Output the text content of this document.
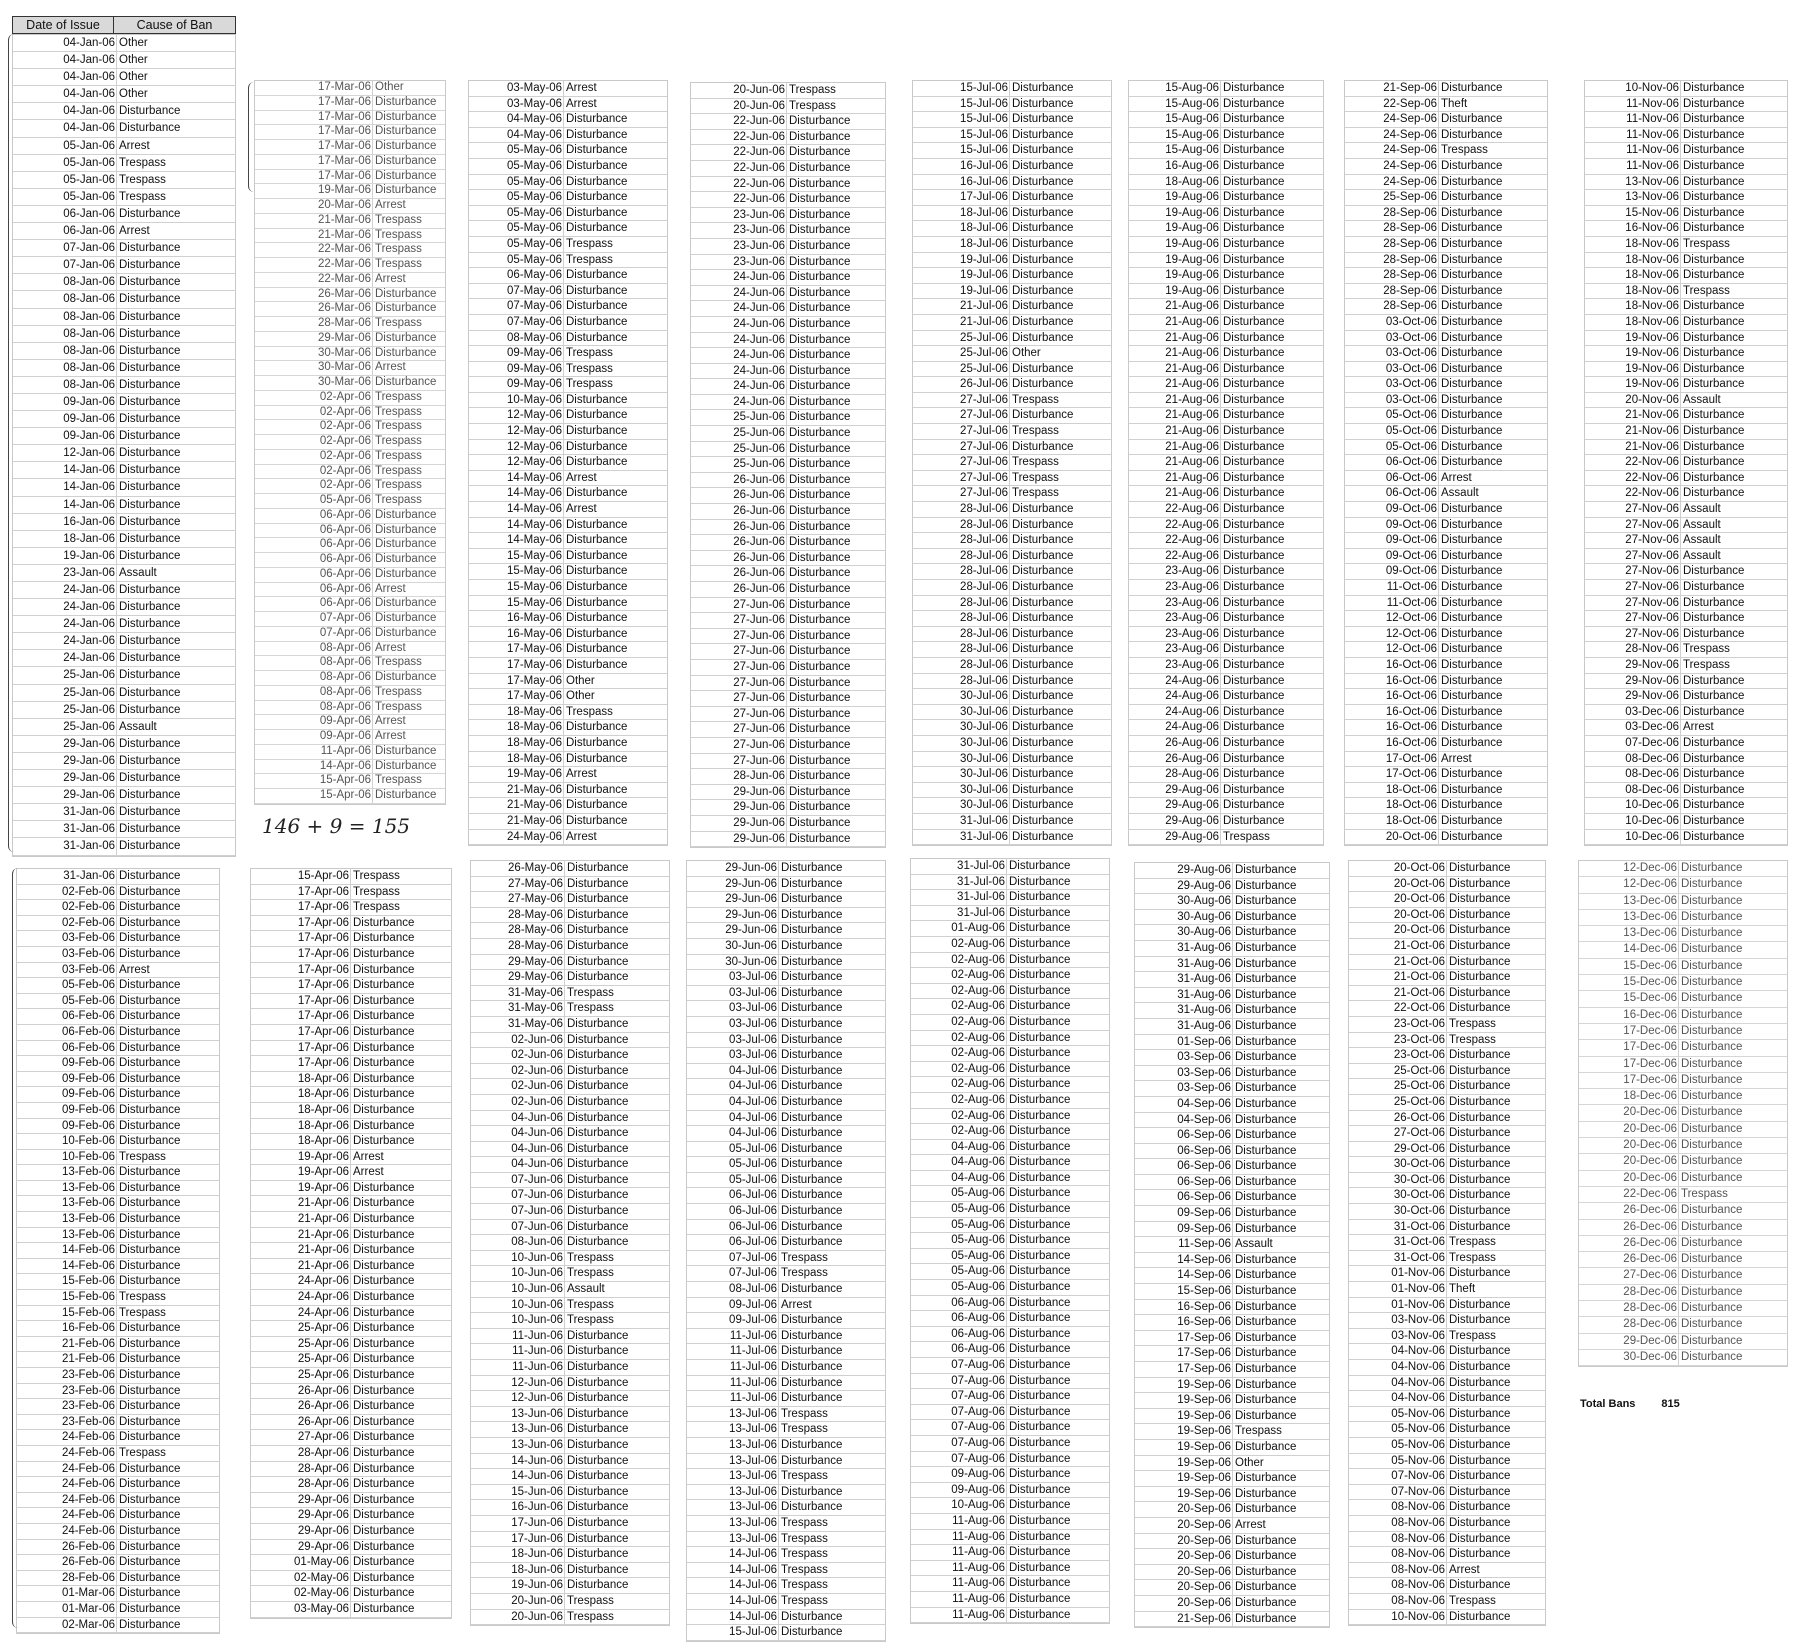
Date of Issue	Cause of Ban
04-Jan-06 Other
04-Jan-06 Other
04-Jan-06 Other
04-Jan-06 Other
04-Jan-06 Disturbance
04-Jan-06 Disturbance
05-Jan-06 Arrest
05-Jan-06 Trespass
05-Jan-06 Trespass
05-Jan-06 Trespass
06-Jan-06 Disturbance
06-Jan-06 Arrest
07-Jan-06 Disturbance
07-Jan-06 Disturbance
08-Jan-06 Disturbance
08-Jan-06 Disturbance
08-Jan-06 Disturbance
08-Jan-06 Disturbance
08-Jan-06 Disturbance
08-Jan-06 Disturbance
08-Jan-06 Disturbance
09-Jan-06 Disturbance
09-Jan-06 Disturbance
09-Jan-06 Disturbance
12-Jan-06 Disturbance
14-Jan-06 Disturbance
14-Jan-06 Disturbance
14-Jan-06 Disturbance
16-Jan-06 Disturbance
18-Jan-06 Disturbance
19-Jan-06 Disturbance
23-Jan-06 Assault
24-Jan-06 Disturbance
24-Jan-06 Disturbance
24-Jan-06 Disturbance
24-Jan-06 Disturbance
24-Jan-06 Disturbance
25-Jan-06 Disturbance
25-Jan-06 Disturbance
25-Jan-06 Disturbance
25-Jan-06 Assault
29-Jan-06 Disturbance
29-Jan-06 Disturbance
29-Jan-06 Disturbance
29-Jan-06 Disturbance
31-Jan-06 Disturbance
31-Jan-06 Disturbance
31-Jan-06 Disturbance
17-Mar-06 Other
17-Mar-06 Disturbance
17-Mar-06 Disturbance
17-Mar-06 Disturbance
17-Mar-06 Disturbance
17-Mar-06 Disturbance
17-Mar-06 Disturbance
19-Mar-06 Disturbance
20-Mar-06 Arrest
21-Mar-06 Trespass
21-Mar-06 Trespass
22-Mar-06 Trespass
22-Mar-06 Trespass
22-Mar-06 Arrest
26-Mar-06 Disturbance
26-Mar-06 Disturbance
28-Mar-06 Trespass
29-Mar-06 Disturbance
30-Mar-06 Disturbance
30-Mar-06 Arrest
30-Mar-06 Disturbance
02-Apr-06 Trespass
02-Apr-06 Trespass
02-Apr-06 Trespass
02-Apr-06 Trespass
02-Apr-06 Trespass
02-Apr-06 Trespass
02-Apr-06 Trespass
05-Apr-06 Trespass
06-Apr-06 Disturbance
06-Apr-06 Disturbance
06-Apr-06 Disturbance
06-Apr-06 Disturbance
06-Apr-06 Disturbance
06-Apr-06 Arrest
06-Apr-06 Disturbance
07-Apr-06 Disturbance
07-Apr-06 Disturbance
08-Apr-06 Arrest
08-Apr-06 Trespass
08-Apr-06 Disturbance
08-Apr-06 Trespass
08-Apr-06 Trespass
09-Apr-06 Arrest
09-Apr-06 Arrest
11-Apr-06 Disturbance
14-Apr-06 Disturbance
15-Apr-06 Trespass
15-Apr-06 Disturbance
03-May-06 Arrest
03-May-06 Arrest
04-May-06 Disturbance
04-May-06 Disturbance
05-May-06 Disturbance
05-May-06 Disturbance
05-May-06 Disturbance
05-May-06 Disturbance
05-May-06 Disturbance
05-May-06 Disturbance
05-May-06 Trespass
05-May-06 Trespass
06-May-06 Disturbance
07-May-06 Disturbance
07-May-06 Disturbance
07-May-06 Disturbance
08-May-06 Disturbance
09-May-06 Trespass
09-May-06 Trespass
09-May-06 Trespass
10-May-06 Disturbance
12-May-06 Disturbance
12-May-06 Disturbance
12-May-06 Disturbance
12-May-06 Disturbance
14-May-06 Arrest
14-May-06 Disturbance
14-May-06 Arrest
14-May-06 Disturbance
14-May-06 Disturbance
15-May-06 Disturbance
15-May-06 Disturbance
15-May-06 Disturbance
15-May-06 Disturbance
16-May-06 Disturbance
16-May-06 Disturbance
17-May-06 Disturbance
17-May-06 Disturbance
17-May-06 Other
17-May-06 Other
18-May-06 Trespass
18-May-06 Disturbance
18-May-06 Disturbance
18-May-06 Disturbance
19-May-06 Arrest
21-May-06 Disturbance
21-May-06 Disturbance
21-May-06 Disturbance
24-May-06 Arrest
20-Jun-06 Trespass
20-Jun-06 Trespass
22-Jun-06 Disturbance
22-Jun-06 Disturbance
22-Jun-06 Disturbance
22-Jun-06 Disturbance
22-Jun-06 Disturbance
22-Jun-06 Disturbance
23-Jun-06 Disturbance
23-Jun-06 Disturbance
23-Jun-06 Disturbance
23-Jun-06 Disturbance
24-Jun-06 Disturbance
24-Jun-06 Disturbance
24-Jun-06 Disturbance
24-Jun-06 Disturbance
24-Jun-06 Disturbance
24-Jun-06 Disturbance
24-Jun-06 Disturbance
24-Jun-06 Disturbance
24-Jun-06 Disturbance
25-Jun-06 Disturbance
25-Jun-06 Disturbance
25-Jun-06 Disturbance
25-Jun-06 Disturbance
26-Jun-06 Disturbance
26-Jun-06 Disturbance
26-Jun-06 Disturbance
26-Jun-06 Disturbance
26-Jun-06 Disturbance
26-Jun-06 Disturbance
26-Jun-06 Disturbance
26-Jun-06 Disturbance
27-Jun-06 Disturbance
27-Jun-06 Disturbance
27-Jun-06 Disturbance
27-Jun-06 Disturbance
27-Jun-06 Disturbance
27-Jun-06 Disturbance
27-Jun-06 Disturbance
27-Jun-06 Disturbance
27-Jun-06 Disturbance
27-Jun-06 Disturbance
27-Jun-06 Disturbance
28-Jun-06 Disturbance
29-Jun-06 Disturbance
29-Jun-06 Disturbance
29-Jun-06 Disturbance
29-Jun-06 Disturbance
15-Jul-06 Disturbance
15-Jul-06 Disturbance
15-Jul-06 Disturbance
15-Jul-06 Disturbance
15-Jul-06 Disturbance
16-Jul-06 Disturbance
16-Jul-06 Disturbance
17-Jul-06 Disturbance
18-Jul-06 Disturbance
18-Jul-06 Disturbance
18-Jul-06 Disturbance
19-Jul-06 Disturbance
19-Jul-06 Disturbance
19-Jul-06 Disturbance
21-Jul-06 Disturbance
21-Jul-06 Disturbance
25-Jul-06 Disturbance
25-Jul-06 Other
25-Jul-06 Disturbance
26-Jul-06 Disturbance
27-Jul-06 Trespass
27-Jul-06 Disturbance
27-Jul-06 Trespass
27-Jul-06 Disturbance
27-Jul-06 Trespass
27-Jul-06 Trespass
27-Jul-06 Trespass
28-Jul-06 Disturbance
28-Jul-06 Disturbance
28-Jul-06 Disturbance
28-Jul-06 Disturbance
28-Jul-06 Disturbance
28-Jul-06 Disturbance
28-Jul-06 Disturbance
28-Jul-06 Disturbance
28-Jul-06 Disturbance
28-Jul-06 Disturbance
28-Jul-06 Disturbance
28-Jul-06 Disturbance
30-Jul-06 Disturbance
30-Jul-06 Disturbance
30-Jul-06 Disturbance
30-Jul-06 Disturbance
30-Jul-06 Disturbance
30-Jul-06 Disturbance
30-Jul-06 Disturbance
30-Jul-06 Disturbance
31-Jul-06 Disturbance
31-Jul-06 Disturbance
15-Aug-06 Disturbance
15-Aug-06 Disturbance
15-Aug-06 Disturbance
15-Aug-06 Disturbance
15-Aug-06 Disturbance
16-Aug-06 Disturbance
18-Aug-06 Disturbance
19-Aug-06 Disturbance
19-Aug-06 Disturbance
19-Aug-06 Disturbance
19-Aug-06 Disturbance
19-Aug-06 Disturbance
19-Aug-06 Disturbance
19-Aug-06 Disturbance
21-Aug-06 Disturbance
21-Aug-06 Disturbance
21-Aug-06 Disturbance
21-Aug-06 Disturbance
21-Aug-06 Disturbance
21-Aug-06 Disturbance
21-Aug-06 Disturbance
21-Aug-06 Disturbance
21-Aug-06 Disturbance
21-Aug-06 Disturbance
21-Aug-06 Disturbance
21-Aug-06 Disturbance
21-Aug-06 Disturbance
22-Aug-06 Disturbance
22-Aug-06 Disturbance
22-Aug-06 Disturbance
22-Aug-06 Disturbance
23-Aug-06 Disturbance
23-Aug-06 Disturbance
23-Aug-06 Disturbance
23-Aug-06 Disturbance
23-Aug-06 Disturbance
23-Aug-06 Disturbance
23-Aug-06 Disturbance
24-Aug-06 Disturbance
24-Aug-06 Disturbance
24-Aug-06 Disturbance
24-Aug-06 Disturbance
26-Aug-06 Disturbance
26-Aug-06 Disturbance
28-Aug-06 Disturbance
29-Aug-06 Disturbance
29-Aug-06 Disturbance
29-Aug-06 Disturbance
29-Aug-06 Trespass
21-Sep-06 Disturbance
22-Sep-06 Theft
24-Sep-06 Disturbance
24-Sep-06 Disturbance
24-Sep-06 Trespass
24-Sep-06 Disturbance
24-Sep-06 Disturbance
25-Sep-06 Disturbance
28-Sep-06 Disturbance
28-Sep-06 Disturbance
28-Sep-06 Disturbance
28-Sep-06 Disturbance
28-Sep-06 Disturbance
28-Sep-06 Disturbance
28-Sep-06 Disturbance
03-Oct-06 Disturbance
03-Oct-06 Disturbance
03-Oct-06 Disturbance
03-Oct-06 Disturbance
03-Oct-06 Disturbance
03-Oct-06 Disturbance
05-Oct-06 Disturbance
05-Oct-06 Disturbance
05-Oct-06 Disturbance
06-Oct-06 Disturbance
06-Oct-06 Arrest
06-Oct-06 Assault
09-Oct-06 Disturbance
09-Oct-06 Disturbance
09-Oct-06 Disturbance
09-Oct-06 Disturbance
09-Oct-06 Disturbance
11-Oct-06 Disturbance
11-Oct-06 Disturbance
12-Oct-06 Disturbance
12-Oct-06 Disturbance
12-Oct-06 Disturbance
16-Oct-06 Disturbance
16-Oct-06 Disturbance
16-Oct-06 Disturbance
16-Oct-06 Disturbance
16-Oct-06 Disturbance
16-Oct-06 Disturbance
17-Oct-06 Arrest
17-Oct-06 Disturbance
18-Oct-06 Disturbance
18-Oct-06 Disturbance
18-Oct-06 Disturbance
20-Oct-06 Disturbance
10-Nov-06 Disturbance
11-Nov-06 Disturbance
11-Nov-06 Disturbance
11-Nov-06 Disturbance
11-Nov-06 Disturbance
11-Nov-06 Disturbance
13-Nov-06 Disturbance
13-Nov-06 Disturbance
15-Nov-06 Disturbance
16-Nov-06 Disturbance
18-Nov-06 Trespass
18-Nov-06 Disturbance
18-Nov-06 Disturbance
18-Nov-06 Trespass
18-Nov-06 Disturbance
18-Nov-06 Disturbance
19-Nov-06 Disturbance
19-Nov-06 Disturbance
19-Nov-06 Disturbance
19-Nov-06 Disturbance
20-Nov-06 Assault
21-Nov-06 Disturbance
21-Nov-06 Disturbance
21-Nov-06 Disturbance
22-Nov-06 Disturbance
22-Nov-06 Disturbance
22-Nov-06 Disturbance
27-Nov-06 Assault
27-Nov-06 Assault
27-Nov-06 Assault
27-Nov-06 Assault
27-Nov-06 Disturbance
27-Nov-06 Disturbance
27-Nov-06 Disturbance
27-Nov-06 Disturbance
27-Nov-06 Disturbance
28-Nov-06 Trespass
29-Nov-06 Trespass
29-Nov-06 Disturbance
29-Nov-06 Disturbance
03-Dec-06 Disturbance
03-Dec-06 Arrest
07-Dec-06 Disturbance
08-Dec-06 Disturbance
08-Dec-06 Disturbance
08-Dec-06 Disturbance
10-Dec-06 Disturbance
10-Dec-06 Disturbance
10-Dec-06 Disturbance
31-Jan-06 Disturbance
02-Feb-06 Disturbance
02-Feb-06 Disturbance
02-Feb-06 Disturbance
03-Feb-06 Disturbance
03-Feb-06 Disturbance
03-Feb-06 Arrest
05-Feb-06 Disturbance
05-Feb-06 Disturbance
06-Feb-06 Disturbance
06-Feb-06 Disturbance
06-Feb-06 Disturbance
09-Feb-06 Disturbance
09-Feb-06 Disturbance
09-Feb-06 Disturbance
09-Feb-06 Disturbance
09-Feb-06 Disturbance
10-Feb-06 Disturbance
10-Feb-06 Trespass
13-Feb-06 Disturbance
13-Feb-06 Disturbance
13-Feb-06 Disturbance
13-Feb-06 Disturbance
13-Feb-06 Disturbance
14-Feb-06 Disturbance
14-Feb-06 Disturbance
15-Feb-06 Disturbance
15-Feb-06 Trespass
15-Feb-06 Trespass
16-Feb-06 Disturbance
21-Feb-06 Disturbance
21-Feb-06 Disturbance
23-Feb-06 Disturbance
23-Feb-06 Disturbance
23-Feb-06 Disturbance
23-Feb-06 Disturbance
24-Feb-06 Disturbance
24-Feb-06 Trespass
24-Feb-06 Disturbance
24-Feb-06 Disturbance
24-Feb-06 Disturbance
24-Feb-06 Disturbance
24-Feb-06 Disturbance
26-Feb-06 Disturbance
26-Feb-06 Disturbance
28-Feb-06 Disturbance
01-Mar-06 Disturbance
01-Mar-06 Disturbance
02-Mar-06 Disturbance
15-Apr-06 Trespass
17-Apr-06 Trespass
17-Apr-06 Trespass
17-Apr-06 Disturbance
17-Apr-06 Disturbance
17-Apr-06 Disturbance
17-Apr-06 Disturbance
17-Apr-06 Disturbance
17-Apr-06 Disturbance
17-Apr-06 Disturbance
17-Apr-06 Disturbance
17-Apr-06 Disturbance
17-Apr-06 Disturbance
18-Apr-06 Disturbance
18-Apr-06 Disturbance
18-Apr-06 Disturbance
18-Apr-06 Disturbance
18-Apr-06 Disturbance
19-Apr-06 Arrest
19-Apr-06 Arrest
19-Apr-06 Disturbance
21-Apr-06 Disturbance
21-Apr-06 Disturbance
21-Apr-06 Disturbance
21-Apr-06 Disturbance
21-Apr-06 Disturbance
24-Apr-06 Disturbance
24-Apr-06 Disturbance
24-Apr-06 Disturbance
25-Apr-06 Disturbance
25-Apr-06 Disturbance
25-Apr-06 Disturbance
25-Apr-06 Disturbance
26-Apr-06 Disturbance
26-Apr-06 Disturbance
26-Apr-06 Disturbance
27-Apr-06 Disturbance
28-Apr-06 Disturbance
28-Apr-06 Disturbance
28-Apr-06 Disturbance
29-Apr-06 Disturbance
29-Apr-06 Disturbance
29-Apr-06 Disturbance
29-Apr-06 Disturbance
01-May-06 Disturbance
02-May-06 Disturbance
02-May-06 Disturbance
03-May-06 Disturbance
26-May-06 Disturbance
27-May-06 Disturbance
27-May-06 Disturbance
28-May-06 Disturbance
28-May-06 Disturbance
28-May-06 Disturbance
29-May-06 Disturbance
29-May-06 Disturbance
31-May-06 Trespass
31-May-06 Trespass
31-May-06 Disturbance
02-Jun-06 Disturbance
02-Jun-06 Disturbance
02-Jun-06 Disturbance
02-Jun-06 Disturbance
02-Jun-06 Disturbance
04-Jun-06 Disturbance
04-Jun-06 Disturbance
04-Jun-06 Disturbance
04-Jun-06 Disturbance
07-Jun-06 Disturbance
07-Jun-06 Disturbance
07-Jun-06 Disturbance
07-Jun-06 Disturbance
08-Jun-06 Disturbance
10-Jun-06 Trespass
10-Jun-06 Trespass
10-Jun-06 Assault
10-Jun-06 Trespass
10-Jun-06 Trespass
11-Jun-06 Disturbance
11-Jun-06 Disturbance
11-Jun-06 Disturbance
12-Jun-06 Disturbance
12-Jun-06 Disturbance
13-Jun-06 Disturbance
13-Jun-06 Disturbance
13-Jun-06 Disturbance
14-Jun-06 Disturbance
14-Jun-06 Disturbance
15-Jun-06 Disturbance
16-Jun-06 Disturbance
17-Jun-06 Disturbance
17-Jun-06 Disturbance
18-Jun-06 Disturbance
18-Jun-06 Disturbance
19-Jun-06 Disturbance
20-Jun-06 Trespass
20-Jun-06 Trespass
29-Jun-06 Disturbance
29-Jun-06 Disturbance
29-Jun-06 Disturbance
29-Jun-06 Disturbance
29-Jun-06 Disturbance
30-Jun-06 Disturbance
30-Jun-06 Disturbance
03-Jul-06 Disturbance
03-Jul-06 Disturbance
03-Jul-06 Disturbance
03-Jul-06 Disturbance
03-Jul-06 Disturbance
03-Jul-06 Disturbance
04-Jul-06 Disturbance
04-Jul-06 Disturbance
04-Jul-06 Disturbance
04-Jul-06 Disturbance
04-Jul-06 Disturbance
05-Jul-06 Disturbance
05-Jul-06 Disturbance
05-Jul-06 Disturbance
06-Jul-06 Disturbance
06-Jul-06 Disturbance
06-Jul-06 Disturbance
06-Jul-06 Disturbance
07-Jul-06 Trespass
07-Jul-06 Trespass
08-Jul-06 Disturbance
09-Jul-06 Arrest
09-Jul-06 Disturbance
11-Jul-06 Disturbance
11-Jul-06 Disturbance
11-Jul-06 Disturbance
11-Jul-06 Disturbance
11-Jul-06 Disturbance
13-Jul-06 Trespass
13-Jul-06 Trespass
13-Jul-06 Disturbance
13-Jul-06 Disturbance
13-Jul-06 Trespass
13-Jul-06 Disturbance
13-Jul-06 Disturbance
13-Jul-06 Trespass
13-Jul-06 Trespass
14-Jul-06 Trespass
14-Jul-06 Trespass
14-Jul-06 Trespass
14-Jul-06 Trespass
14-Jul-06 Disturbance
15-Jul-06 Disturbance
31-Jul-06 Disturbance
31-Jul-06 Disturbance
31-Jul-06 Disturbance
31-Jul-06 Disturbance
01-Aug-06 Disturbance
02-Aug-06 Disturbance
02-Aug-06 Disturbance
02-Aug-06 Disturbance
02-Aug-06 Disturbance
02-Aug-06 Disturbance
02-Aug-06 Disturbance
02-Aug-06 Disturbance
02-Aug-06 Disturbance
02-Aug-06 Disturbance
02-Aug-06 Disturbance
02-Aug-06 Disturbance
02-Aug-06 Disturbance
02-Aug-06 Disturbance
04-Aug-06 Disturbance
04-Aug-06 Disturbance
04-Aug-06 Disturbance
05-Aug-06 Disturbance
05-Aug-06 Disturbance
05-Aug-06 Disturbance
05-Aug-06 Disturbance
05-Aug-06 Disturbance
05-Aug-06 Disturbance
05-Aug-06 Disturbance
06-Aug-06 Disturbance
06-Aug-06 Disturbance
06-Aug-06 Disturbance
06-Aug-06 Disturbance
07-Aug-06 Disturbance
07-Aug-06 Disturbance
07-Aug-06 Disturbance
07-Aug-06 Disturbance
07-Aug-06 Disturbance
07-Aug-06 Disturbance
07-Aug-06 Disturbance
09-Aug-06 Disturbance
09-Aug-06 Disturbance
10-Aug-06 Disturbance
11-Aug-06 Disturbance
11-Aug-06 Disturbance
11-Aug-06 Disturbance
11-Aug-06 Disturbance
11-Aug-06 Disturbance
11-Aug-06 Disturbance
11-Aug-06 Disturbance
29-Aug-06 Disturbance
29-Aug-06 Disturbance
30-Aug-06 Disturbance
30-Aug-06 Disturbance
30-Aug-06 Disturbance
31-Aug-06 Disturbance
31-Aug-06 Disturbance
31-Aug-06 Disturbance
31-Aug-06 Disturbance
31-Aug-06 Disturbance
31-Aug-06 Disturbance
01-Sep-06 Disturbance
03-Sep-06 Disturbance
03-Sep-06 Disturbance
03-Sep-06 Disturbance
04-Sep-06 Disturbance
04-Sep-06 Disturbance
06-Sep-06 Disturbance
06-Sep-06 Disturbance
06-Sep-06 Disturbance
06-Sep-06 Disturbance
06-Sep-06 Disturbance
09-Sep-06 Disturbance
09-Sep-06 Disturbance
11-Sep-06 Assault
14-Sep-06 Disturbance
14-Sep-06 Disturbance
15-Sep-06 Disturbance
16-Sep-06 Disturbance
16-Sep-06 Disturbance
17-Sep-06 Disturbance
17-Sep-06 Disturbance
17-Sep-06 Disturbance
19-Sep-06 Disturbance
19-Sep-06 Disturbance
19-Sep-06 Disturbance
19-Sep-06 Trespass
19-Sep-06 Disturbance
19-Sep-06 Other
19-Sep-06 Disturbance
19-Sep-06 Disturbance
20-Sep-06 Disturbance
20-Sep-06 Arrest
20-Sep-06 Disturbance
20-Sep-06 Disturbance
20-Sep-06 Disturbance
20-Sep-06 Disturbance
20-Sep-06 Disturbance
21-Sep-06 Disturbance
20-Oct-06 Disturbance
20-Oct-06 Disturbance
20-Oct-06 Disturbance
20-Oct-06 Disturbance
20-Oct-06 Disturbance
21-Oct-06 Disturbance
21-Oct-06 Disturbance
21-Oct-06 Disturbance
21-Oct-06 Disturbance
22-Oct-06 Disturbance
23-Oct-06 Trespass
23-Oct-06 Trespass
23-Oct-06 Disturbance
25-Oct-06 Disturbance
25-Oct-06 Disturbance
25-Oct-06 Disturbance
26-Oct-06 Disturbance
27-Oct-06 Disturbance
29-Oct-06 Disturbance
30-Oct-06 Disturbance
30-Oct-06 Disturbance
30-Oct-06 Disturbance
30-Oct-06 Disturbance
31-Oct-06 Disturbance
31-Oct-06 Trespass
31-Oct-06 Trespass
01-Nov-06 Disturbance
01-Nov-06 Theft
01-Nov-06 Disturbance
03-Nov-06 Disturbance
03-Nov-06 Trespass
04-Nov-06 Disturbance
04-Nov-06 Disturbance
04-Nov-06 Disturbance
04-Nov-06 Disturbance
05-Nov-06 Disturbance
05-Nov-06 Disturbance
05-Nov-06 Disturbance
05-Nov-06 Disturbance
07-Nov-06 Disturbance
07-Nov-06 Disturbance
08-Nov-06 Disturbance
08-Nov-06 Disturbance
08-Nov-06 Disturbance
08-Nov-06 Disturbance
08-Nov-06 Arrest
08-Nov-06 Disturbance
08-Nov-06 Trespass
10-Nov-06 Disturbance
12-Dec-06 Disturbance
12-Dec-06 Disturbance
13-Dec-06 Disturbance
13-Dec-06 Disturbance
13-Dec-06 Disturbance
14-Dec-06 Disturbance
15-Dec-06 Disturbance
15-Dec-06 Disturbance
15-Dec-06 Disturbance
16-Dec-06 Disturbance
17-Dec-06 Disturbance
17-Dec-06 Disturbance
17-Dec-06 Disturbance
17-Dec-06 Disturbance
18-Dec-06 Disturbance
20-Dec-06 Disturbance
20-Dec-06 Disturbance
20-Dec-06 Disturbance
20-Dec-06 Disturbance
20-Dec-06 Disturbance
22-Dec-06 Trespass
26-Dec-06 Disturbance
26-Dec-06 Disturbance
26-Dec-06 Disturbance
26-Dec-06 Disturbance
27-Dec-06 Disturbance
28-Dec-06 Disturbance
28-Dec-06 Disturbance
28-Dec-06 Disturbance
29-Dec-06 Disturbance
30-Dec-06 Disturbance
146 + 9 = 155
Total Bans 815
